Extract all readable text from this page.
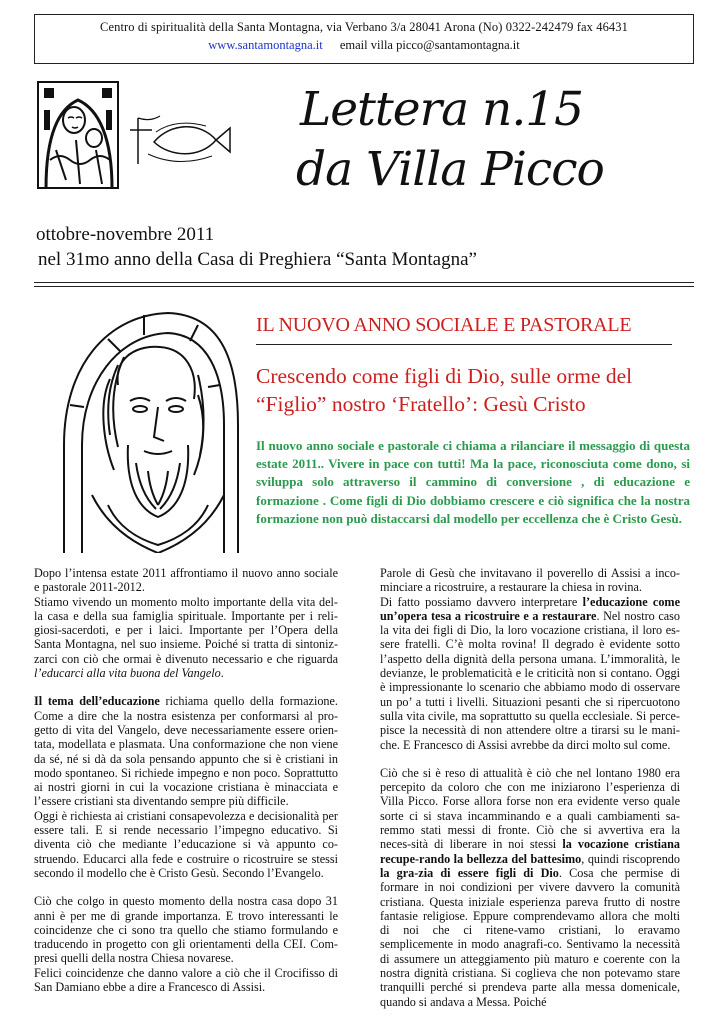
Centro di spiritualità della Santa Montagna, via Verbano 3/a 28041 Arona (No) 0322-242479 fax 46431
www.santamontagna.it email villa picco@santamontagna.it
Lettera n.15
da Villa Picco
ottobre-novembre 2011
nel 31mo anno della Casa di Preghiera “Santa Montagna”
IL NUOVO ANNO SOCIALE E PASTORALE
Crescendo come figli di Dio, sulle orme del “Figlio” nostro ‘Fratello’: Gesù Cristo
Il nuovo anno sociale e pastorale ci chiama a rilanciare il messaggio di questa estate 2011.. Vivere in pace con tutti! Ma la pace, riconosciuta come dono, si sviluppa solo attraverso il cammino di conversione , di educazione e formazione . Come figli di Dio dobbiamo crescere e ciò significa che la nostra formazione non può distaccarsi dal modello per eccellenza che è Cristo Gesù.

Dopo l’intensa estate 2011 affrontiamo il nuovo anno sociale e pastorale 2011-2012.
Stiamo vivendo un momento molto importante della vita del-la casa e della sua famiglia spirituale. Importante per i reli-giosi-sacerdoti, e per i laici. Importante per l’Opera della Santa Montagna, nel suo insieme. Poiché si tratta di sintoniz-zarci con ciò che ormai è divenuto necessario e che riguarda l’educarci alla vita buona del Vangelo.

Il tema dell’educazione richiama quello della formazione. Come a dire che la nostra esistenza per conformarsi al pro-getto di vita del Vangelo, deve necessariamente essere orien-tata, modellata e plasmata. Una conformazione che non viene da sé, né si dà da sola pensando appunto che si è cristiani in modo spontaneo. Si richiede impegno e non poco. Soprattutto ai nostri giorni in cui la vocazione cristiana è minacciata e l’essere cristiani sta diventando sempre più difficile.

Oggi è richiesta ai cristiani consapevolezza e decisionalità per essere tali. E si rende necessario l’impegno educativo. Si diventa ciò che mediante l’educazione si và appunto co-struendo. Educarci alla fede e costruire o ricostruire se stessi secondo il modello che è Cristo Gesù. Secondo l’Evangelo.

Ciò che colgo in questo momento della nostra casa dopo 31 anni è per me di grande importanza. E trovo interessanti le coincidenze che ci sono tra quello che stiamo formulando e traducendo in progetto con gli orientamenti della CEI. Com-presi quelli della nostra Chiesa novarese.

Felici coincidenze che danno valore a ciò che il Crocifisso di San Damiano ebbe a dire a Francesco di Assisi.

Parole di Gesù che invitavano il poverello di Assisi a inco-minciare a ricostruire, a restaurare la chiesa in rovina.
Di fatto possiamo davvero interpretare l’educazione come un’opera tesa a ricostruire e a restaurare. Nel nostro caso la vita dei figli di Dio, la loro vocazione cristiana, il loro es-sere fratelli. C’è molta rovina! Il degrado è evidente sotto l’aspetto della dignità della persona umana. L’immoralità, le devianze, le problematicità e le criticità non si contano. Oggi è impressionante lo scenario che abbiamo modo di osservare un po’ a tutti i livelli. Situazioni pesanti che si ripercuotono sulla vita civile, ma soprattutto su quella ecclesiale. Si perce-pisce la necessità di non attendere oltre a tirarsi su le mani-che. E Francesco di Assisi avrebbe da dirci molto sul come.

Ciò che si è reso di attualità è ciò che nel lontano 1980 era percepito da coloro che con me iniziarono l’esperienza di Villa Picco. Forse allora forse non era evidente verso quale sorte ci si stava incamminando e a quali cambiamenti sa-remmo stati messi di fronte. Ciò che si avvertiva era la neces-sità di liberare in noi stessi la vocazione cristiana recupe-rando la bellezza del battesimo, quindi riscoprendo la gra-zia di essere figli di Dio. Cosa che permise di formare in noi condizioni per vivere davvero la comunità cristiana. Questa iniziale esperienza pareva frutto di nostre fantasie religiose. Eppure comprendevamo allora che molti di noi che ci ritene-vamo cristiani, lo eravamo semplicemente in modo anagrafi-co. Sentivamo la necessità di assumere un atteggiamento più maturo e coerente con la nostra dignità cristiana. Si coglieva che non potevamo stare tranquilli perché si prendeva parte alla messa domenicale, quando si andava a Messa. Poiché
